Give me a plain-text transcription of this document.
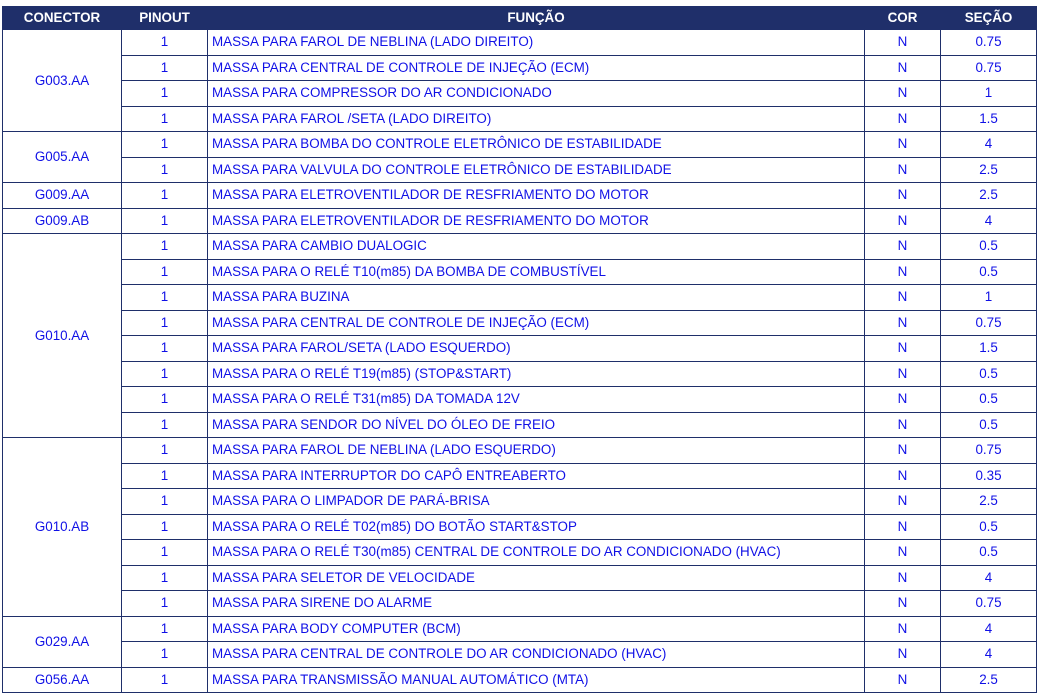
CONECTOR	PINOUT	FUNÇÃO	COR	SEÇÃO
G003.AA	1	MASSA PARA FAROL DE NEBLINA (LADO DIREITO)	N	0.75
	1	MASSA PARA CENTRAL DE CONTROLE DE INJEÇÃO (ECM)	N	0.75
	1	MASSA PARA COMPRESSOR DO AR CONDICIONADO	N	1
	1	MASSA PARA FAROL /SETA (LADO DIREITO)	N	1.5
G005.AA	1	MASSA PARA BOMBA DO CONTROLE ELETRÔNICO DE ESTABILIDADE	N	4
	1	MASSA PARA VALVULA DO CONTROLE ELETRÔNICO DE ESTABILIDADE	N	2.5
G009.AA	1	MASSA PARA ELETROVENTILADOR DE RESFRIAMENTO DO MOTOR	N	2.5
G009.AB	1	MASSA PARA ELETROVENTILADOR DE RESFRIAMENTO DO MOTOR	N	4
G010.AA	1	MASSA PARA CAMBIO DUALOGIC	N	0.5
	1	MASSA PARA O RELÉ T10(m85) DA BOMBA DE COMBUSTÍVEL	N	0.5
	1	MASSA PARA BUZINA	N	1
	1	MASSA PARA CENTRAL DE CONTROLE DE INJEÇÃO (ECM)	N	0.75
	1	MASSA PARA FAROL/SETA (LADO ESQUERDO)	N	1.5
	1	MASSA PARA O RELÉ T19(m85) (STOP&START)	N	0.5
	1	MASSA PARA O RELÉ T31(m85) DA TOMADA 12V	N	0.5
	1	MASSA PARA SENDOR DO NÍVEL DO ÓLEO DE FREIO	N	0.5
G010.AB	1	MASSA PARA FAROL DE NEBLINA (LADO ESQUERDO)	N	0.75
	1	MASSA PARA INTERRUPTOR DO CAPÔ ENTREABERTO	N	0.35
	1	MASSA PARA O LIMPADOR DE PARÁ-BRISA	N	2.5
	1	MASSA PARA O RELÉ T02(m85) DO BOTÃO START&STOP	N	0.5
	1	MASSA PARA O RELÉ T30(m85) CENTRAL DE CONTROLE DO AR CONDICIONADO (HVAC)	N	0.5
	1	MASSA PARA SELETOR DE VELOCIDADE	N	4
	1	MASSA PARA SIRENE DO ALARME	N	0.75
G029.AA	1	MASSA PARA BODY COMPUTER (BCM)	N	4
	1	MASSA PARA CENTRAL DE CONTROLE DO AR CONDICIONADO (HVAC)	N	4
G056.AA	1	MASSA PARA TRANSMISSÃO MANUAL AUTOMÁTICO (MTA)	N	2.5
